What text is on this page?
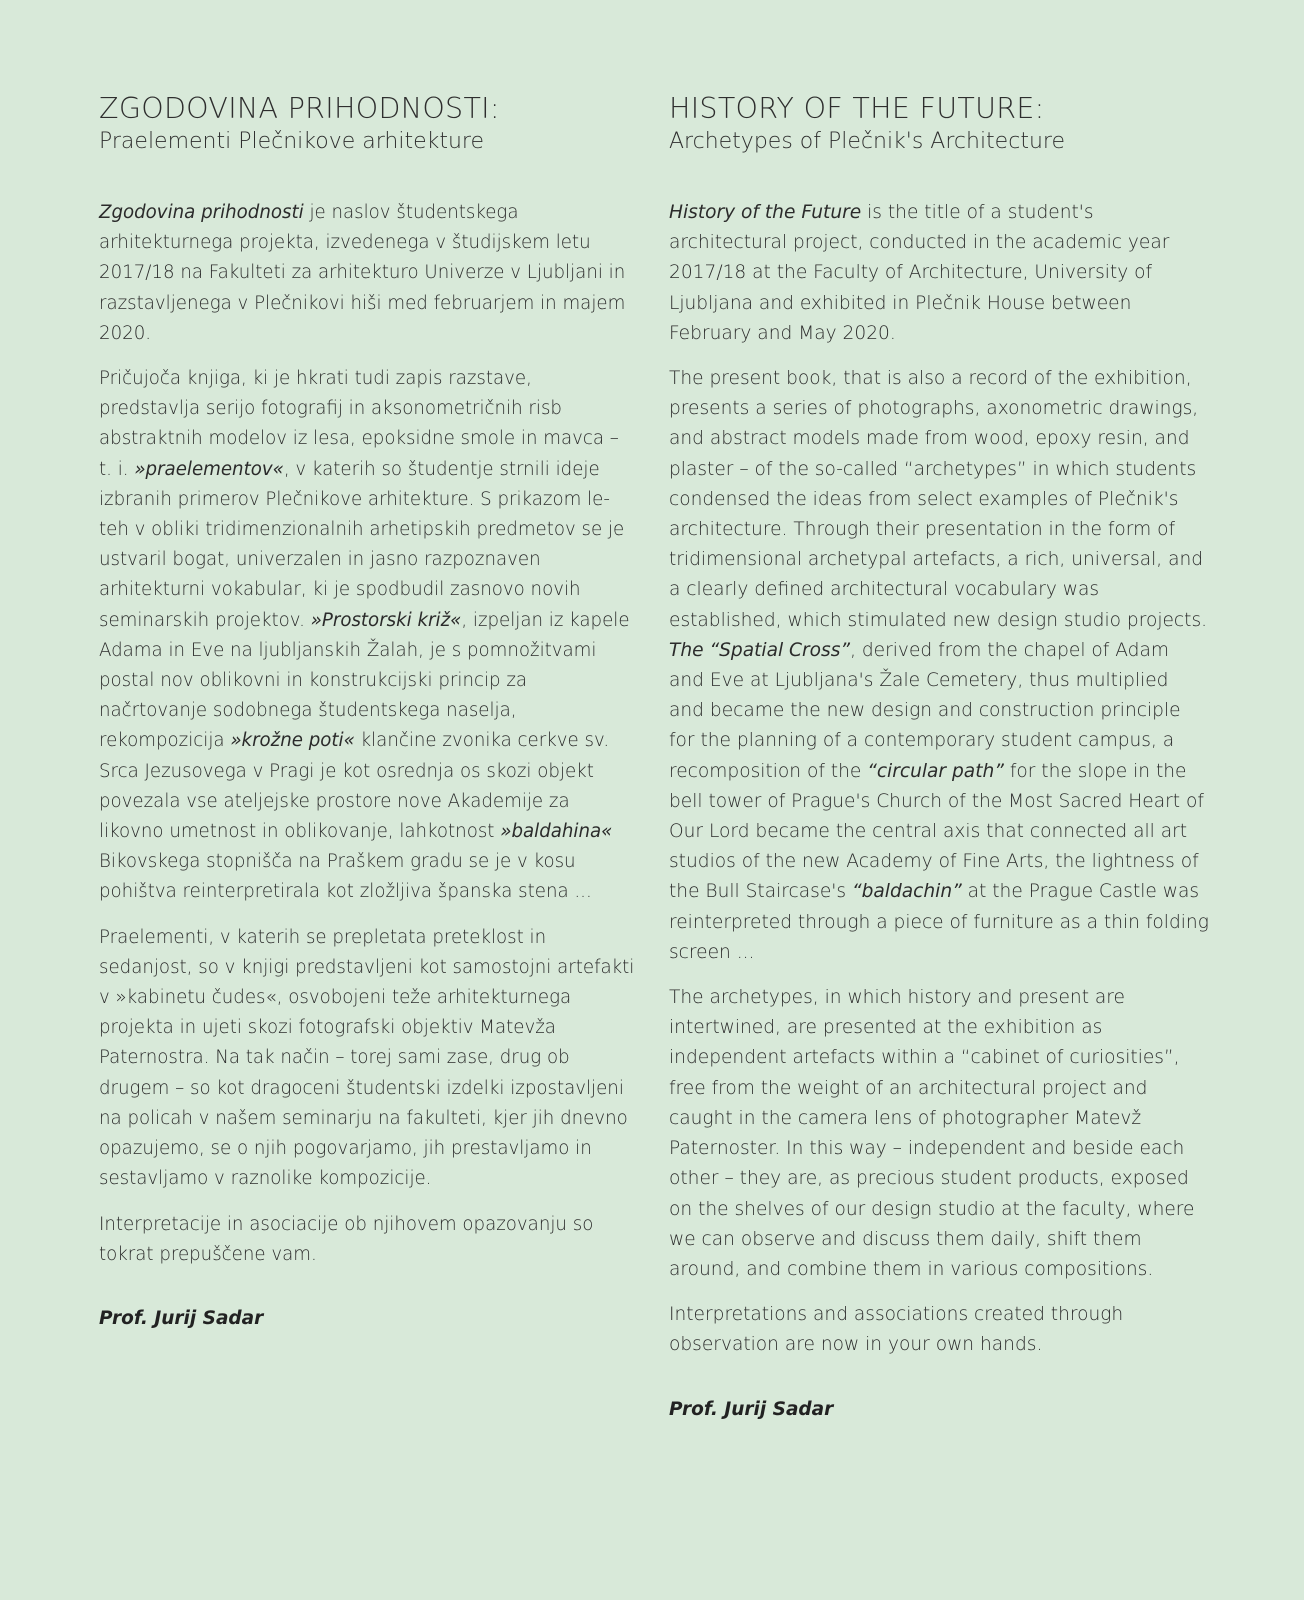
ZGODOVINA PRIHODNOSTI:
Praelementi Plečnikove arhitekture

Zgodovina prihodnosti je naslov študentskega arhitekturnega projekta, izvedenega v študijskem letu 2017/18 na Fakulteti za arhitekturo Univerze v Ljubljani in razstavljenega v Plečnikovi hiši med februarjem in majem 2020.

Pričujoča knjiga, ki je hkrati tudi zapis razstave, predstavlja serijo fotografij in aksonometričnih risb abstraktnih modelov iz lesa, epoksidne smole in mavca – t. i. »praelementov«, v katerih so študentje strnili ideje izbranih primerov Plečnikove arhitekture. S prikazom le-teh v obliki tridimenzionalnih arhetipskih predmetov se je ustvaril bogat, univerzalen in jasno razpoznaven arhitekturni vokabular, ki je spodbudil zasnovo novih seminarskih projektov. »Prostorski križ«, izpeljan iz kapele Adama in Eve na ljubljanskih Žalah, je s pomnožitvami postal nov oblikovni in konstrukcijski princip za načrtovanje sodobnega študentskega naselja, rekompozicija »krožne poti« klančine zvonika cerkve sv. Srca Jezusovega v Pragi je kot osrednja os skozi objekt povezala vse ateljejske prostore nove Akademije za likovno umetnost in oblikovanje, lahkotnost »baldahina« Bikovskega stopnišča na Praškem gradu se je v kosu pohištva reinterpretirala kot zložljiva španska stena ...

Praelementi, v katerih se prepletata preteklost in sedanjost, so v knjigi predstavljeni kot samostojni artefakti v »kabinetu čudes«, osvobojeni teže arhitekturnega projekta in ujeti skozi fotografski objektiv Matevža Paternostra. Na tak način – torej sami zase, drug ob drugem – so kot dragoceni študentski izdelki izpostavljeni na policah v našem seminarju na fakulteti, kjer jih dnevno opazujemo, se o njih pogovarjamo, jih prestavljamo in sestavljamo v raznolike kompozicije.

Interpretacije in asociacije ob njihovem opazovanju so tokrat prepuščene vam.

Prof. Jurij Sadar
HISTORY OF THE FUTURE:
Archetypes of Plečnik's Architecture

History of the Future is the title of a student's architectural project, conducted in the academic year 2017/18 at the Faculty of Architecture, University of Ljubljana and exhibited in Plečnik House between February and May 2020.

The present book, that is also a record of the exhibition, presents a series of photographs, axonometric drawings, and abstract models made from wood, epoxy resin, and plaster – of the so-called “archetypes” in which students condensed the ideas from select examples of Plečnik's architecture. Through their presentation in the form of tridimensional archetypal artefacts, a rich, universal, and a clearly defined architectural vocabulary was established, which stimulated new design studio projects. The “Spatial Cross”, derived from the chapel of Adam and Eve at Ljubljana's Žale Cemetery, thus multiplied and became the new design and construction principle for the planning of a contemporary student campus, a recomposition of the “circular path” for the slope in the bell tower of Prague's Church of the Most Sacred Heart of Our Lord became the central axis that connected all art studios of the new Academy of Fine Arts, the lightness of the Bull Staircase's “baldachin” at the Prague Castle was reinterpreted through a piece of furniture as a thin folding screen ...

The archetypes, in which history and present are intertwined, are presented at the exhibition as independent artefacts within a “cabinet of curiosities”, free from the weight of an architectural project and caught in the camera lens of photographer Matevž Paternoster. In this way – independent and beside each other – they are, as precious student products, exposed on the shelves of our design studio at the faculty, where we can observe and discuss them daily, shift them around, and combine them in various compositions.

Interpretations and associations created through observation are now in your own hands.

Prof. Jurij Sadar
